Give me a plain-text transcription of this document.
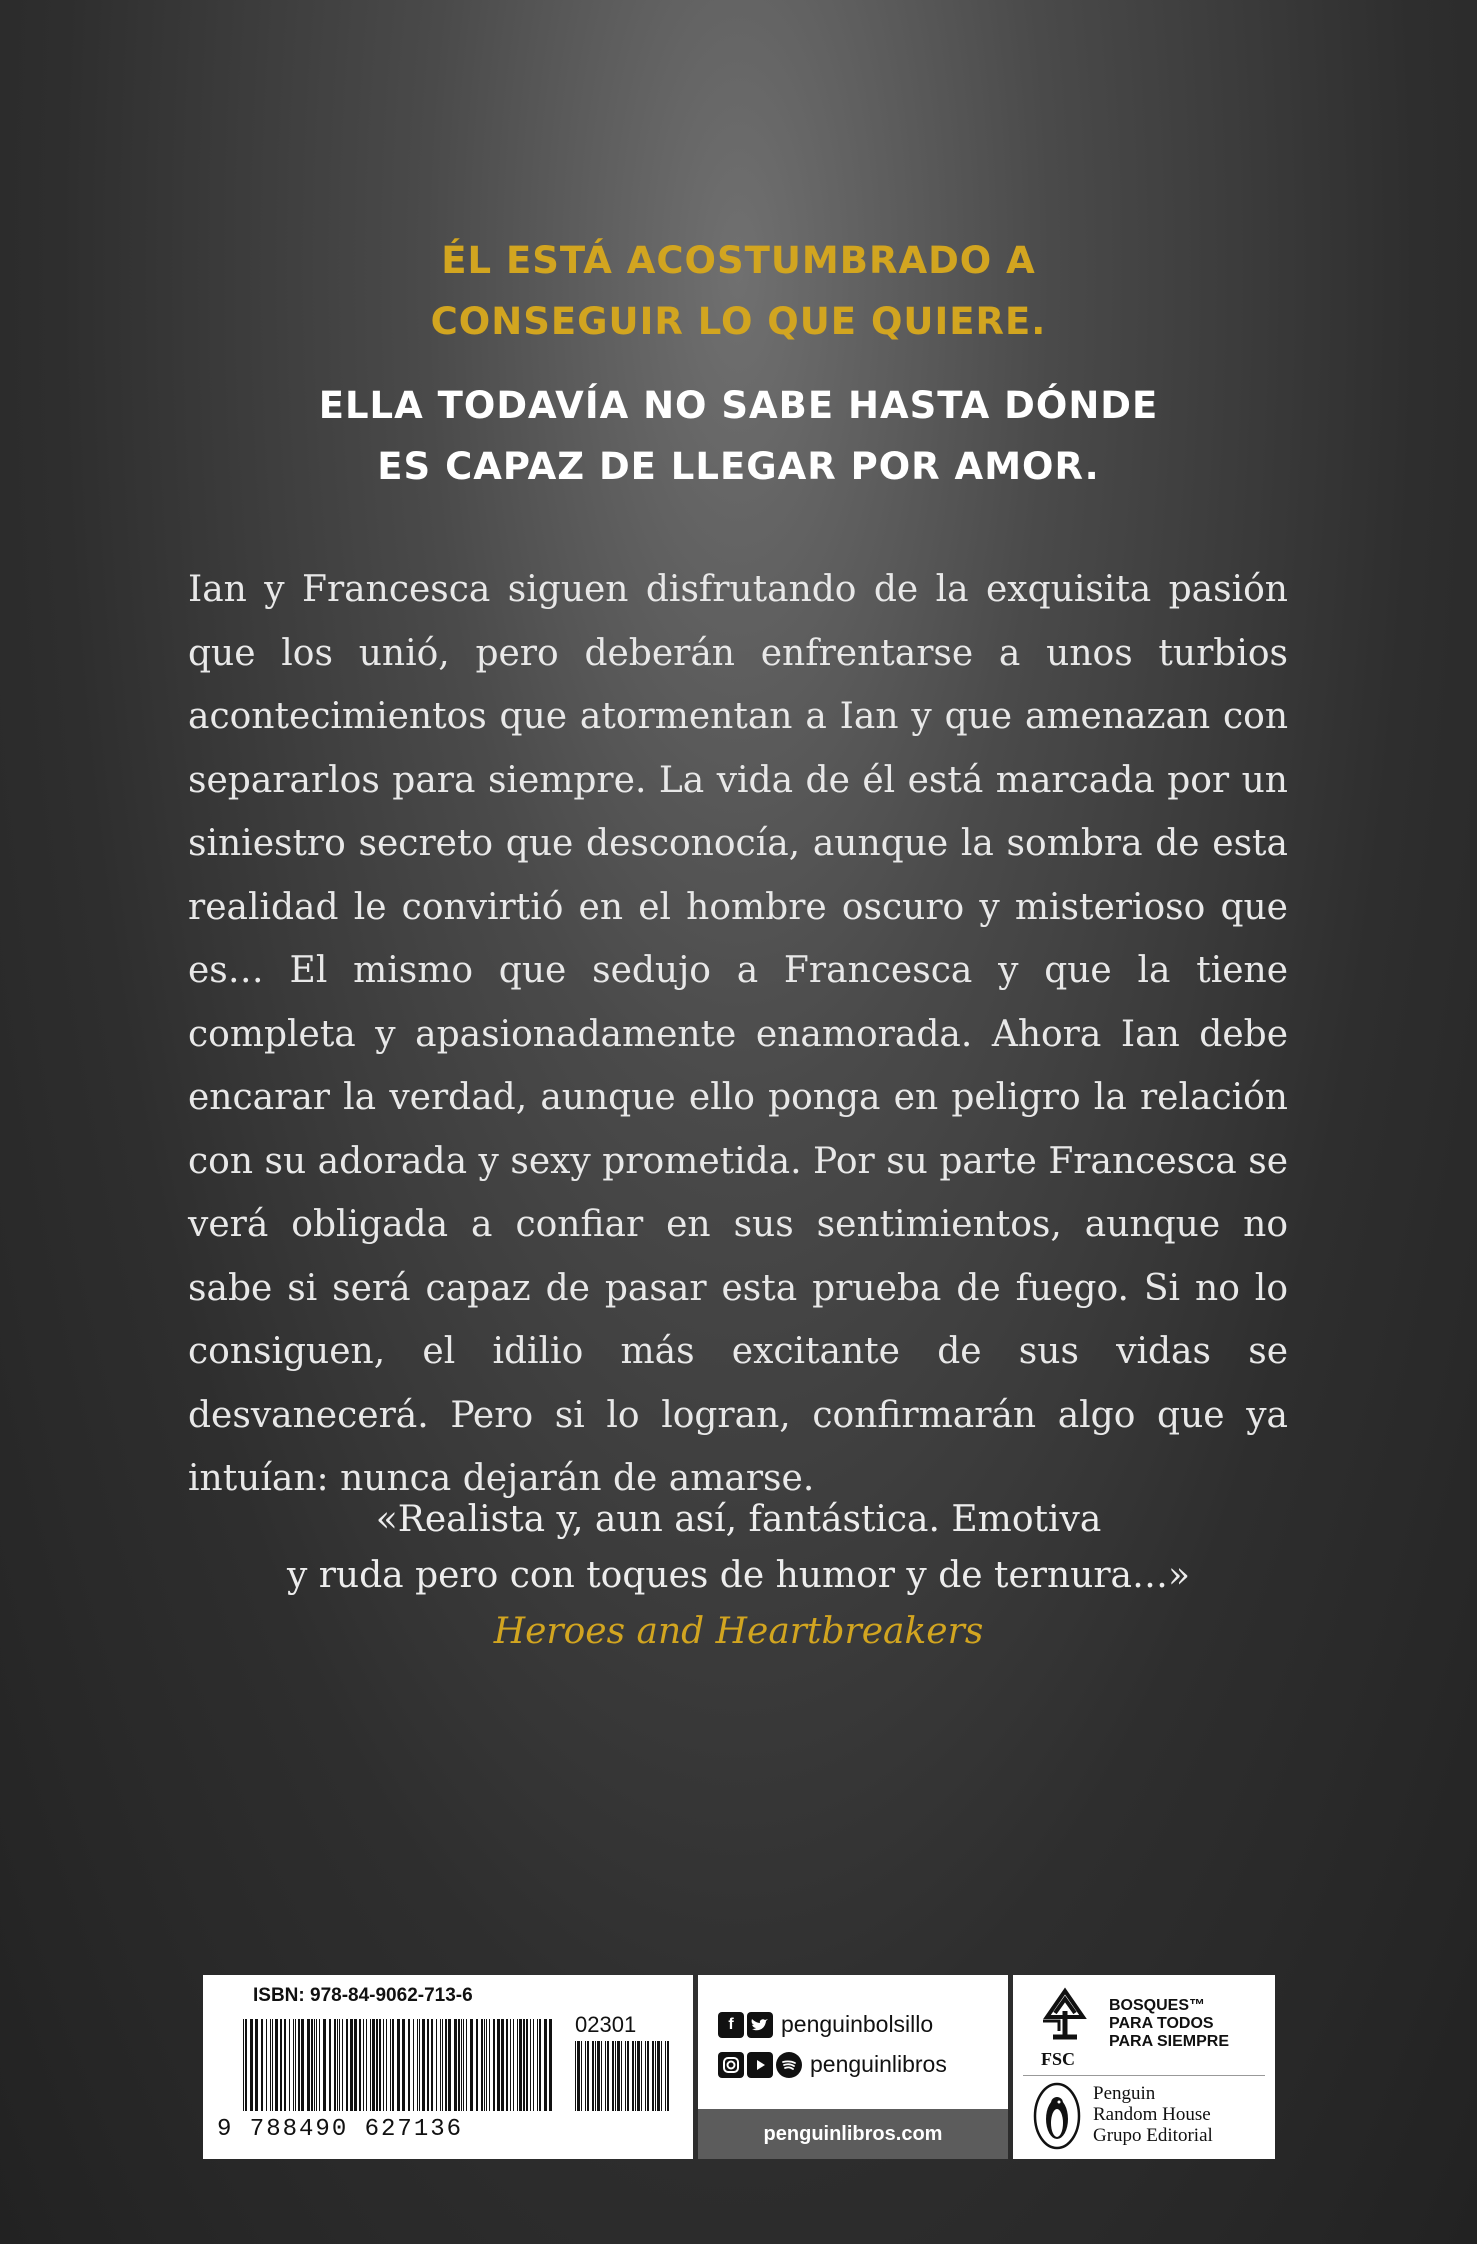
ÉL ESTÁ ACOSTUMBRADO A
CONSEGUIR LO QUE QUIERE.
ELLA TODAVÍA NO SABE HASTA DÓNDE
ES CAPAZ DE LLEGAR POR AMOR.
Ian y Francesca siguen disfrutando de la exquisita pasión que los unió, pero deberán enfrentarse a unos turbios acontecimientos que atormentan a Ian y que amenazan con separarlos para siempre. La vida de él está marcada por un siniestro secreto que desconocía, aunque la sombra de esta realidad le convirtió en el hombre oscuro y misterioso que es… El mismo que sedujo a Francesca y que la tiene completa y apasionadamente enamorada. Ahora Ian debe encarar la verdad, aunque ello ponga en peligro la relación con su adorada y sexy prometida. Por su parte Francesca se verá obligada a confiar en sus sentimientos, aunque no sabe si será capaz de pasar esta prueba de fuego. Si no lo consiguen, el idilio más excitante de sus vidas se desvanecerá. Pero si lo logran, confirmarán algo que ya intuían: nunca dejarán de amarse.
«Realista y, aun así, fantástica. Emotiva
y ruda pero con toques de humor y de ternura…»
Heroes and Heartbreakers
ISBN: 978-84-9062-713-6
02301
9 788490 627136
f	penguinbolsillo
penguinlibros
penguinlibros.com
FSC
BOSQUES™
PARA TODOS
PARA SIEMPRE
Penguin
Random House
Grupo Editorial
